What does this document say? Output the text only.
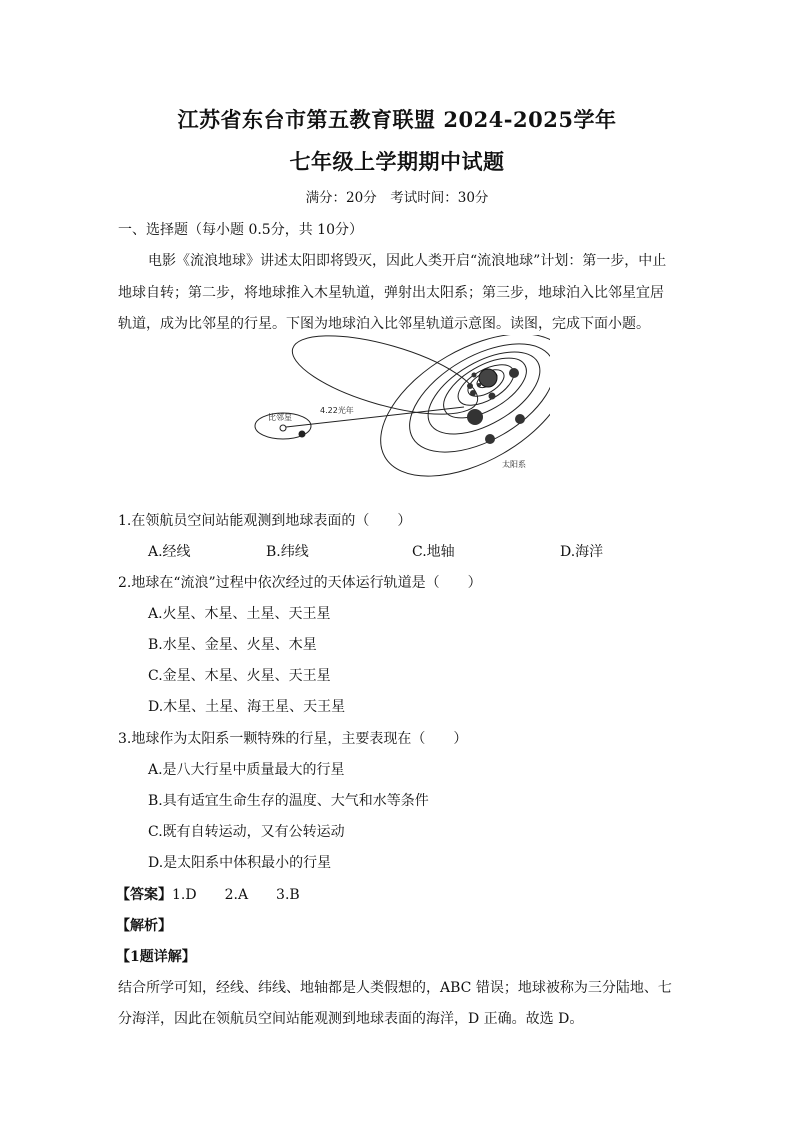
江苏省东台市第五教育联盟 2024-2025学年
七年级上学期期中试题
满分：20分　考试时间：30分
一、选择题（每小题 0.5分，共 10分）
电影《流浪地球》讲述太阳即将毁灭，因此人类开启“流浪地球”计划：第一步，中止
地球自转；第二步，将地球推入木星轨道，弹射出太阳系；第三步，地球泊入比邻星宜居
轨道，成为比邻星的行星。下图为地球泊入比邻星轨道示意图。读图，完成下面小题。
比邻星
4.22光年
太阳系
1.在领航员空间站能观测到地球表面的（　　）
A.经线	B.纬线	C.地轴	D.海洋
2.地球在“流浪”过程中依次经过的天体运行轨道是（　　）
A.火星、木星、土星、天王星
B.水星、金星、火星、木星
C.金星、木星、火星、天王星
D.木星、土星、海王星、天王星
3.地球作为太阳系一颗特殊的行星，主要表现在（　　）
A.是八大行星中质量最大的行星
B.具有适宜生命生存的温度、大气和水等条件
C.既有自转运动，又有公转运动
D.是太阳系中体积最小的行星
【答案】1.D　　2.A　　3.B
【解析】
【1题详解】
结合所学可知，经线、纬线、地轴都是人类假想的，ABC 错误；地球被称为三分陆地、七
分海洋，因此在领航员空间站能观测到地球表面的海洋，D 正确。故选 D。
